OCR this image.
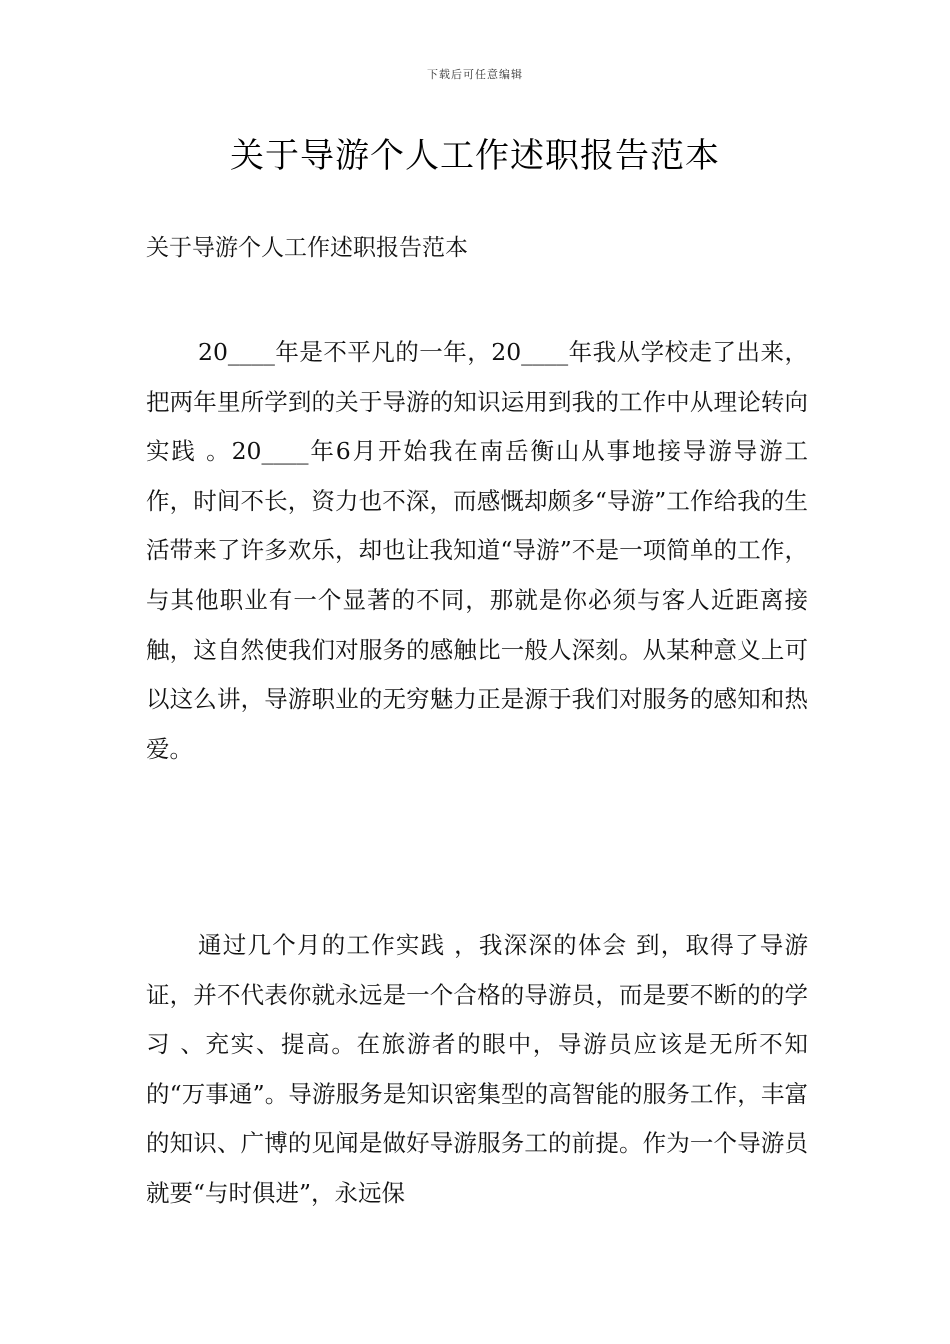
下载后可任意编辑
关于导游个人工作述职报告范本

关于导游个人工作述职报告范本

20____年是不平凡的一年，20____年我从学校走了出来，把两年里所学到的关于导游的知识运用到我的工作中从理论转向实践 。20____年6月开始我在南岳衡山从事地接导游导游工作，时间不长，资力也不深，而感慨却颇多“导游”工作给我的生活带来了许多欢乐，却也让我知道“导游”不是一项简单的工作，与其他职业有一个显著的不同，那就是你必须与客人近距离接触，这自然使我们对服务的感触比一般人深刻。从某种意义上可以这么讲，导游职业的无穷魅力正是源于我们对服务的感知和热爱。

通过几个月的工作实践 ，我深深的体会 到，取得了导游证，并不代表你就永远是一个合格的导游员，而是要不断的的学习 、充实、提高。在旅游者的眼中，导游员应该是无所不知的“万事通”。导游服务是知识密集型的高智能的服务工作，丰富的知识、广博的见闻是做好导游服务工的前提。作为一个导游员就要“与时俱进”，永远保
